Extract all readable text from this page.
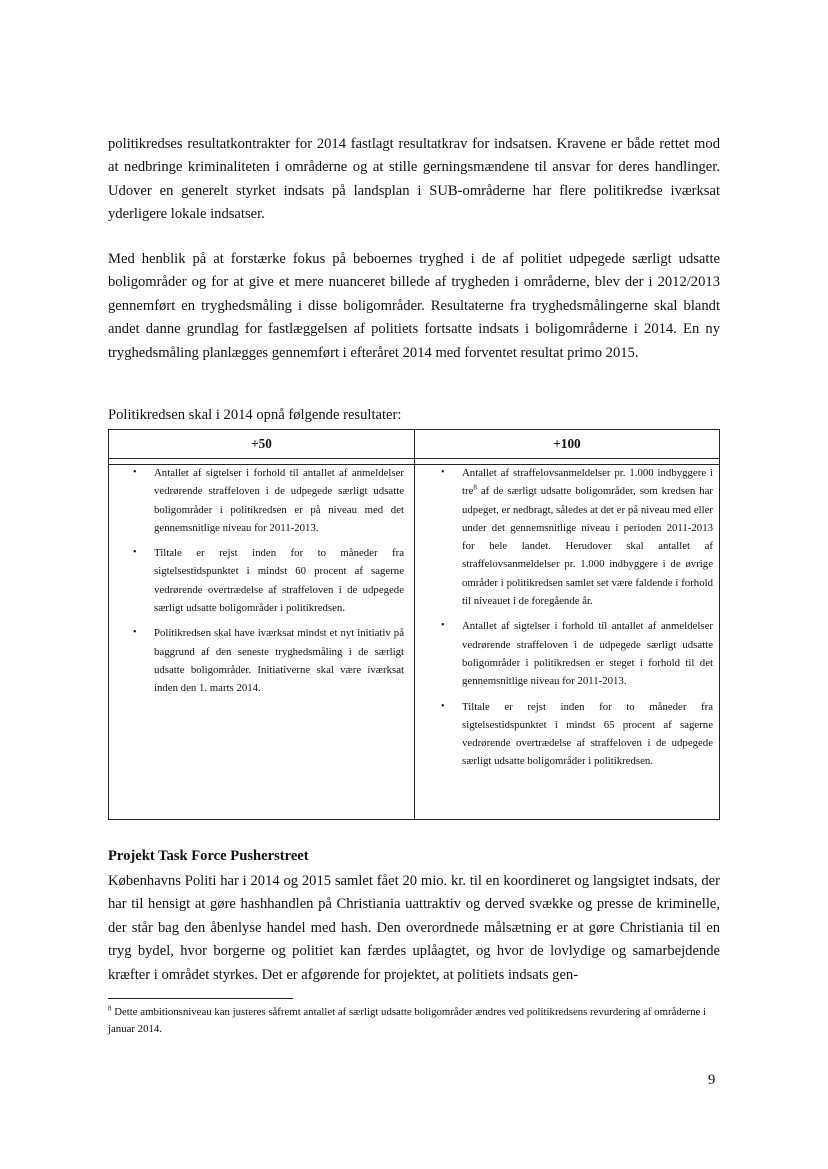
politikredses resultatkontrakter for 2014 fastlagt resultatkrav for indsatsen. Kravene er både rettet mod at nedbringe kriminaliteten i områderne og at stille gerningsmændene til ansvar for deres handlinger. Udover en generelt styrket indsats på landsplan i SUB-områderne har flere politikredse iværksat yderligere lokale indsatser.

Med henblik på at forstærke fokus på beboernes tryghed i de af politiet udpegede særligt udsatte boligområder og for at give et mere nuanceret billede af trygheden i områderne, blev der i 2012/2013 gennemført en tryghedsmåling i disse boligområder. Resultaterne fra tryghedsmålingerne skal blandt andet danne grundlag for fastlæggelsen af politiets fortsatte indsats i boligområderne i 2014. En ny tryghedsmåling planlægges gennemført i efteråret 2014 med forventet resultat primo 2015.

Politikredsen skal i 2014 opnå følgende resultater:

+50	+100
• Antallet af sigtelser i forhold til antallet af anmeldelser vedrørende straffeloven i de udpegede særligt udsatte boligområder i politikredsen er på niveau med det gennemsnitlige niveau for 2011-2013.
• Tiltale er rejst inden for to måneder fra sigtelsestidspunktet i mindst 60 procent af sagerne vedrørende overtrædelse af straffeloven i de udpegede særligt udsatte boligområder i politikredsen.
• Politikredsen skal have iværksat mindst et nyt initiativ på baggrund af den seneste tryghedsmåling i de særligt udsatte boligområder. Initiativerne skal være iværksat inden den 1. marts 2014.
• Antallet af straffelovsanmeldelser pr. 1.000 indbyggere i tre$^8$ af de særligt udsatte boligområder, som kredsen har udpeget, er nedbragt, således at det er på niveau med eller under det gennemsnitlige niveau i perioden 2011-2013 for hele landet. Herudover skal antallet af straffelovsanmeldelser pr. 1.000 indbyggere i de øvrige områder i politikredsen samlet set være faldende i forhold til niveauet i de foregående år.
• Antallet af sigtelser i forhold til antallet af anmeldelser vedrørende straffeloven i de udpegede særligt udsatte boligområder i politikredsen er steget i forhold til det gennemsnitlige niveau for 2011-2013.
• Tiltale er rejst inden for to måneder fra sigtelsestidspunktet i mindst 65 procent af sagerne vedrørende overtrædelse af straffeloven i de udpegede særligt udsatte boligområder i politikredsen.
Projekt Task Force Pusherstreet

Københavns Politi har i 2014 og 2015 samlet fået 20 mio. kr. til en koordineret og langsigtet indsats, der har til hensigt at gøre hashhandlen på Christiania uattraktiv og derved svække og presse de kriminelle, der står bag den åbenlyse handel med hash. Den overordnede målsætning er at gøre Christiania til en tryg bydel, hvor borgerne og politiet kan færdes uplåagtet, og hvor de lovlydige og samarbejdende kræfter i området styrkes. Det er afgørende for projektet, at politiets indsats gen-

$^8$ Dette ambitionsniveau kan justeres såfremt antallet af særligt udsatte boligområder ændres ved politikredsens revurdering af områderne i januar 2014.

9
